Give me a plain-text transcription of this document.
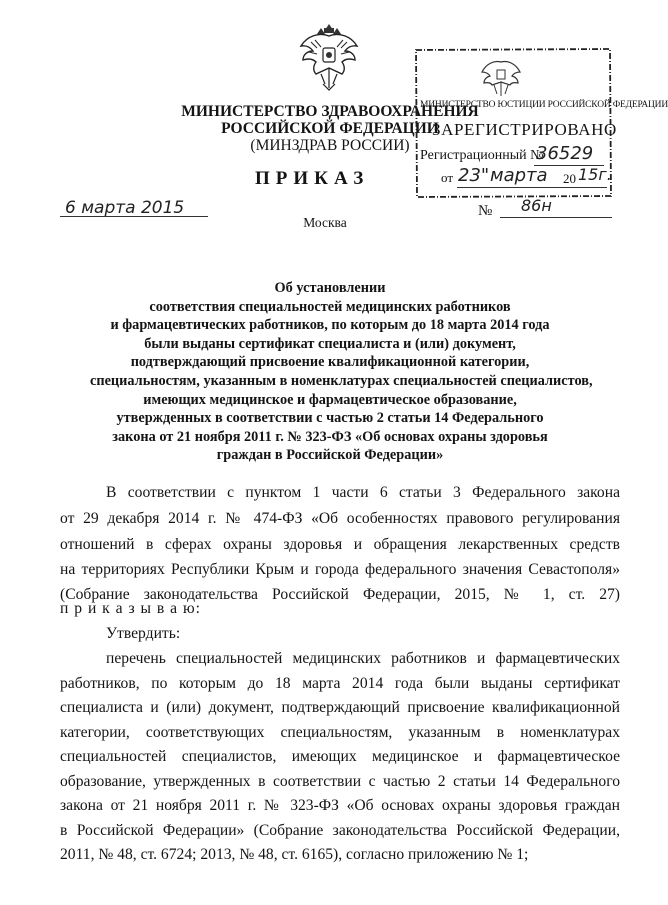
МИНИСТЕРСТВО ЗДРАВООХРАНЕНИЯ
РОССИЙСКОЙ ФЕДЕРАЦИИ
(МИНЗДРАВ РОССИИ)
МИНИСТЕРСТВО ЮСТИЦИИ РОССИЙСКОЙ ФЕДЕРАЦИИ
ЗАРЕГИСТРИРОВАНО
Регистрационный №
36529
от 23" марта 20 15г.
ПРИКАЗ
6 марта 2015	№ 86н
Москва
Об установлении
соответствия специальностей медицинских работников
и фармацевтических работников, по которым до 18 марта 2014 года
были выданы сертификат специалиста и (или) документ,
подтверждающий присвоение квалификационной категории,
специальностям, указанным в номенклатурах специальностей специалистов,
имеющих медицинское и фармацевтическое образование,
утвержденных в соответствии с частью 2 статьи 14 Федерального
закона от 21 ноября 2011 г. № 323-ФЗ «Об основах охраны здоровья
граждан в Российской Федерации»
В соответствии с пунктом 1 части 6 статьи 3 Федерального закона
от 29 декабря 2014 г. № 474-ФЗ «Об особенностях правового регулирования
отношений в сферах охраны здоровья и обращения лекарственных средств
на территориях Республики Крым и города федерального значения Севастополя»
(Собрание законодательства Российской Федерации, 2015, № 1, ст. 27)
п р и к а з ы в а ю:
Утвердить:
перечень специальностей медицинских работников и фармацевтических
работников, по которым до 18 марта 2014 года были выданы сертификат
специалиста и (или) документ, подтверждающий присвоение квалификационной
категории, соответствующих специальностям, указанным в номенклатурах
специальностей специалистов, имеющих медицинское и фармацевтическое
образование, утвержденных в соответствии с частью 2 статьи 14 Федерального
закона от 21 ноября 2011 г. № 323-ФЗ «Об основах охраны здоровья граждан
в Российской Федерации» (Собрание законодательства Российской Федерации,
2011, № 48, ст. 6724; 2013, № 48, ст. 6165), согласно приложению № 1;
